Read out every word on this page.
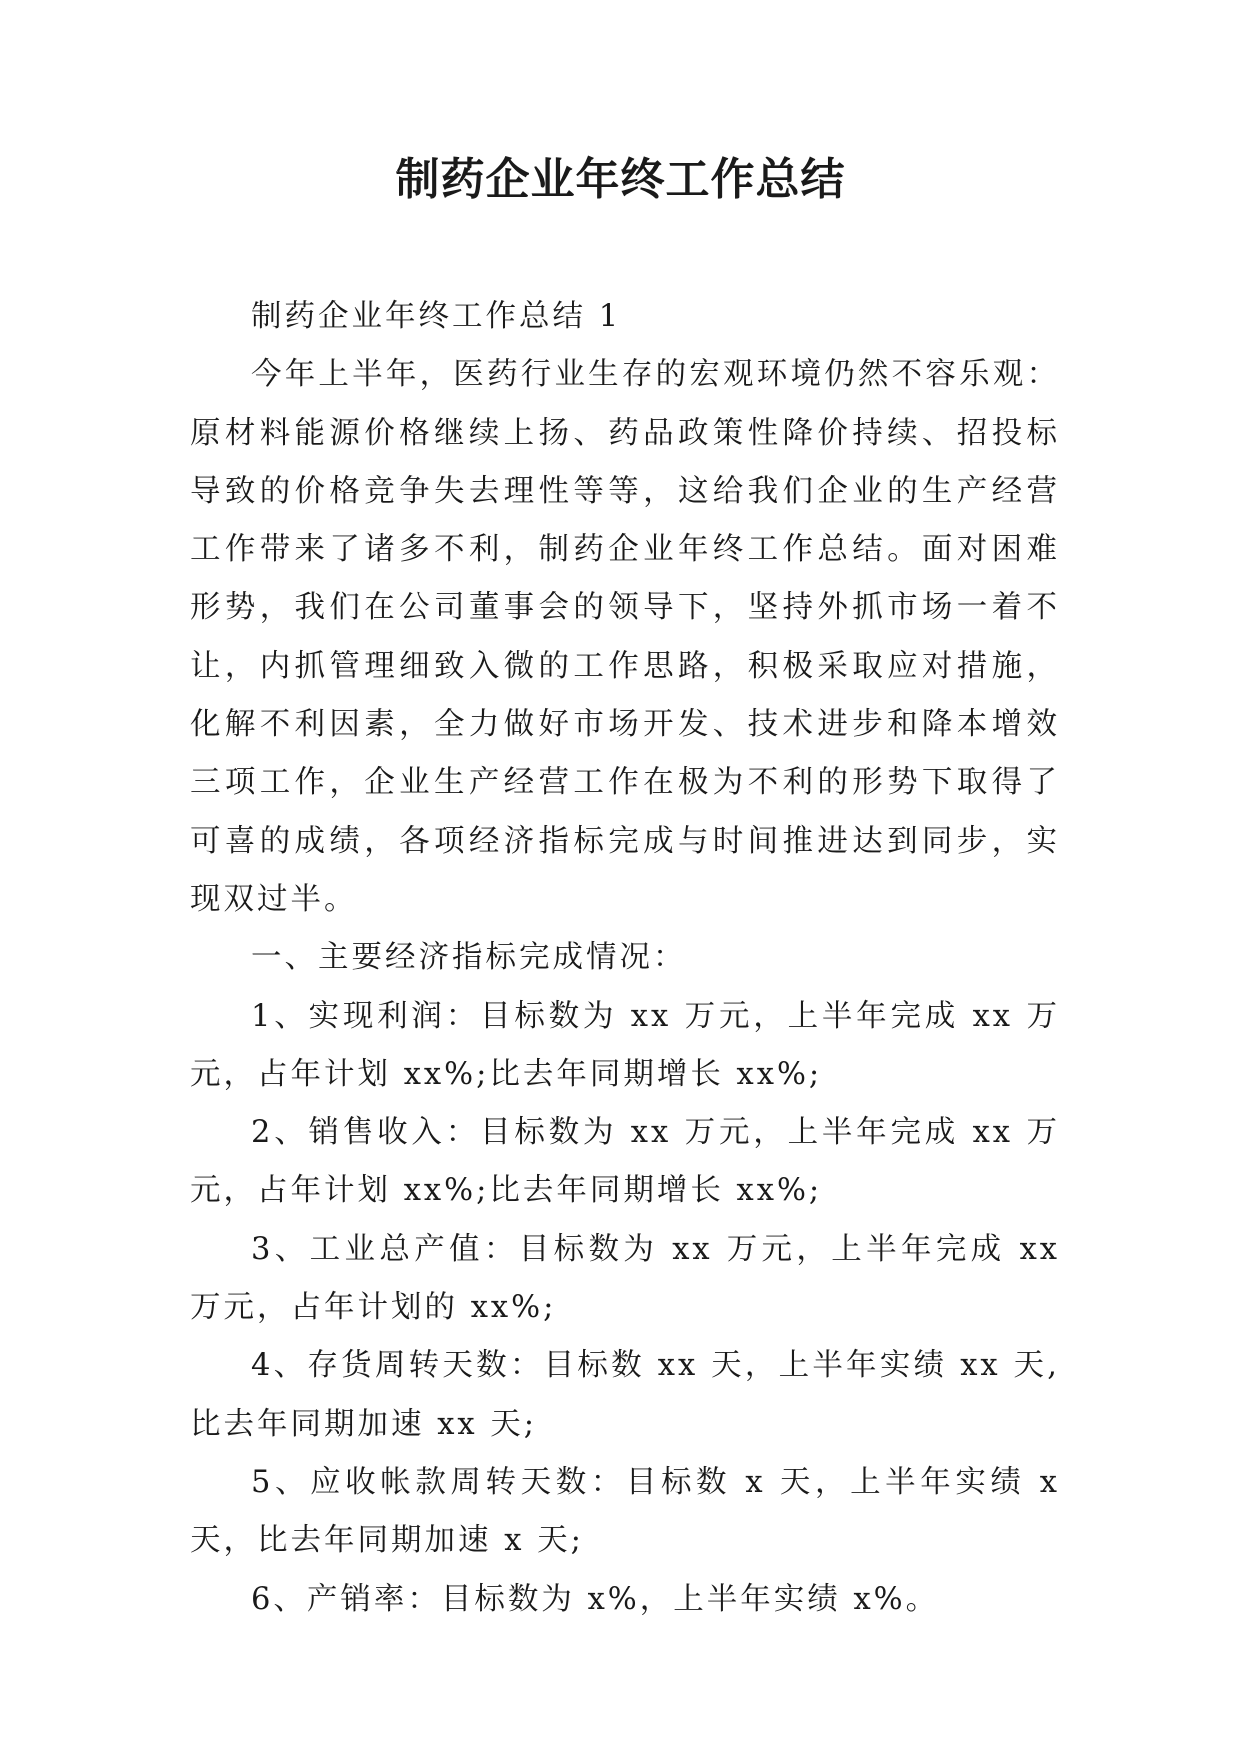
制药企业年终工作总结

制药企业年终工作总结 1

今年上半年，医药行业生存的宏观环境仍然不容乐观：原材料能源价格继续上扬、药品政策性降价持续、招投标导致的价格竞争失去理性等等，这给我们企业的生产经营工作带来了诸多不利，制药企业年终工作总结。面对困难形势，我们在公司董事会的领导下，坚持外抓市场一着不让，内抓管理细致入微的工作思路，积极采取应对措施，化解不利因素，全力做好市场开发、技术进步和降本增效三项工作，企业生产经营工作在极为不利的形势下取得了可喜的成绩，各项经济指标完成与时间推进达到同步，实现双过半。

一、主要经济指标完成情况：

1、实现利润：目标数为 xx 万元，上半年完成 xx 万元，占年计划 xx%;比去年同期增长 xx%;

2、销售收入：目标数为 xx 万元，上半年完成 xx 万元，占年计划 xx%;比去年同期增长 xx%;

3、工业总产值：目标数为 xx 万元，上半年完成 xx 万元，占年计划的 xx%;

4、存货周转天数：目标数 xx 天，上半年实绩 xx 天,比去年同期加速 xx 天;

5、应收帐款周转天数：目标数 x 天，上半年实绩 x 天，比去年同期加速 x 天;

6、产销率：目标数为 x%，上半年实绩 x%。
